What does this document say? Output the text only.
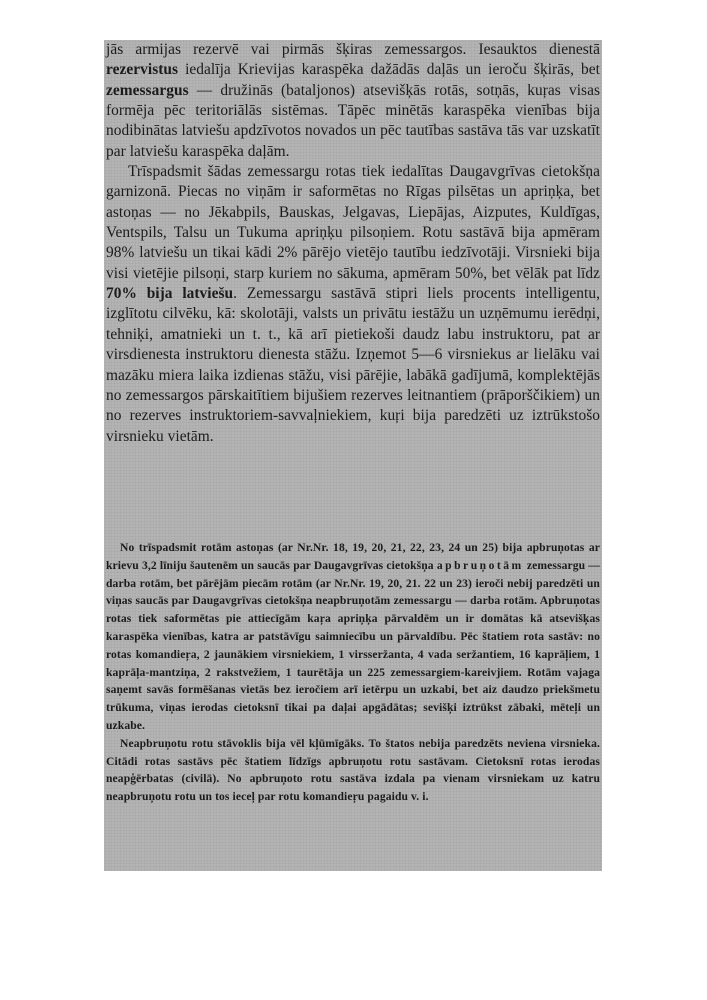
jās armijas rezervē vai pirmās šķiras zemessargos. Iesauktos dienestā rezervistus iedalīja Krievijas karaspēka dažādās daļās un ieroču šķirās, bet zemessargus — družinās (bataljonos) atsevišķās rotās, sotņās, kuŗas visas formēja pēc teritoriālās sistēmas. Tāpēc minētās karaspēka vienības bija nodibinātas latviešu apdzīvotos novados un pēc tautības sastāva tās var uzskatīt par latviešu karaspēka daļām.

Trīspadsmit šādas zemessargu rotas tiek iedalītas Daugavgrīvas cietokšņa garnizonā. Piecas no viņām ir saformētas no Rīgas pilsētas un apriņķa, bet astoņas — no Jēkabpils, Bauskas, Jelgavas, Liepājas, Aizputes, Kuldīgas, Ventspils, Talsu un Tukuma apriņķu pilsoņiem. Rotu sastāvā bija apmēram 98% latviešu un tikai kādi 2% pārējo vietējo tautību iedzīvotāji. Virsnieki bija visi vietējie pilsoņi, starp kuriem no sākuma, apmēram 50%, bet vēlāk pat līdz 70% bija latviešu. Zemessargu sastāvā stipri liels procents intelligentu, izglītotu cilvēku, kā: skolotāji, valsts un privātu iestāžu un uzņēmumu ierēdņi, tehniķi, amatnieki un t. t., kā arī pietiekoši daudz labu instruktoru, pat ar virsdienesta instruktoru dienesta stāžu. Izņemot 5—6 virsniekus ar lielāku vai mazāku miera laika izdienas stāžu, visi pārējie, labākā gadījumā, komplektējās no zemessargos pārskaitītiem bijušiem rezerves leitnantiem (prāporščikiem) un no rezerves instruktoriem-savvaļniekiem, kuŗi bija paredzēti uz iztrūkstošo virsnieku vietām.

No trīspadsmit rotām astoņas (ar Nr.Nr. 18, 19, 20, 21, 22, 23, 24 un 25) bija apbruņotas ar krievu 3,2 līniju šautenēm un saucās par Daugavgrīvas cietokšņa apbruņotām zemessargu — darba rotām, bet pārējām piecām rotām (ar Nr.Nr. 19, 20, 21. 22 un 23) ieroči nebij paredzēti un viņas saucās par Daugavgrīvas cietokšņa neapbruņotām zemessargu — darba rotām. Apbruņotas rotas tiek saformētas pie attiecīgām kaŗa apriņķa pārvaldēm un ir domātas kā atsevišķas karaspēka vienības, katra ar patstāvīgu saimniecību un pārvaldību. Pēc štatiem rota sastāv: no rotas komandieŗa, 2 jaunākiem virsniekiem, 1 virsseržanta, 4 vada seržantiem, 16 kaprāļiem, 1 kaprāļa-mantziņa, 2 rakstvežiem, 1 taurētāja un 225 zemessargiem-kareivjiem. Rotām vajaga saņemt savās formēšanas vietās bez ieročiem arī ietērpu un uzkabi, bet aiz daudzo priekšmetu trūkuma, viņas ierodas cietoksnī tikai pa daļai apgādātas; sevišķi iztrūkst zābaki, mēteļi un uzkabe.

Neapbruņotu rotu stāvoklis bija vēl kļūmīgāks. To štatos nebija paredzēts neviena virsnieka. Citādi rotas sastāvs pēc štatiem līdzīgs apbruņotu rotu sastāvam. Cietoksnī rotas ierodas neapģērbatas (civilā). No apbruņoto rotu sastāva izdala pa vienam virsniekam uz katru neapbruņotu rotu un tos ieceļ par rotu komandieŗu pagaidu v. i.
